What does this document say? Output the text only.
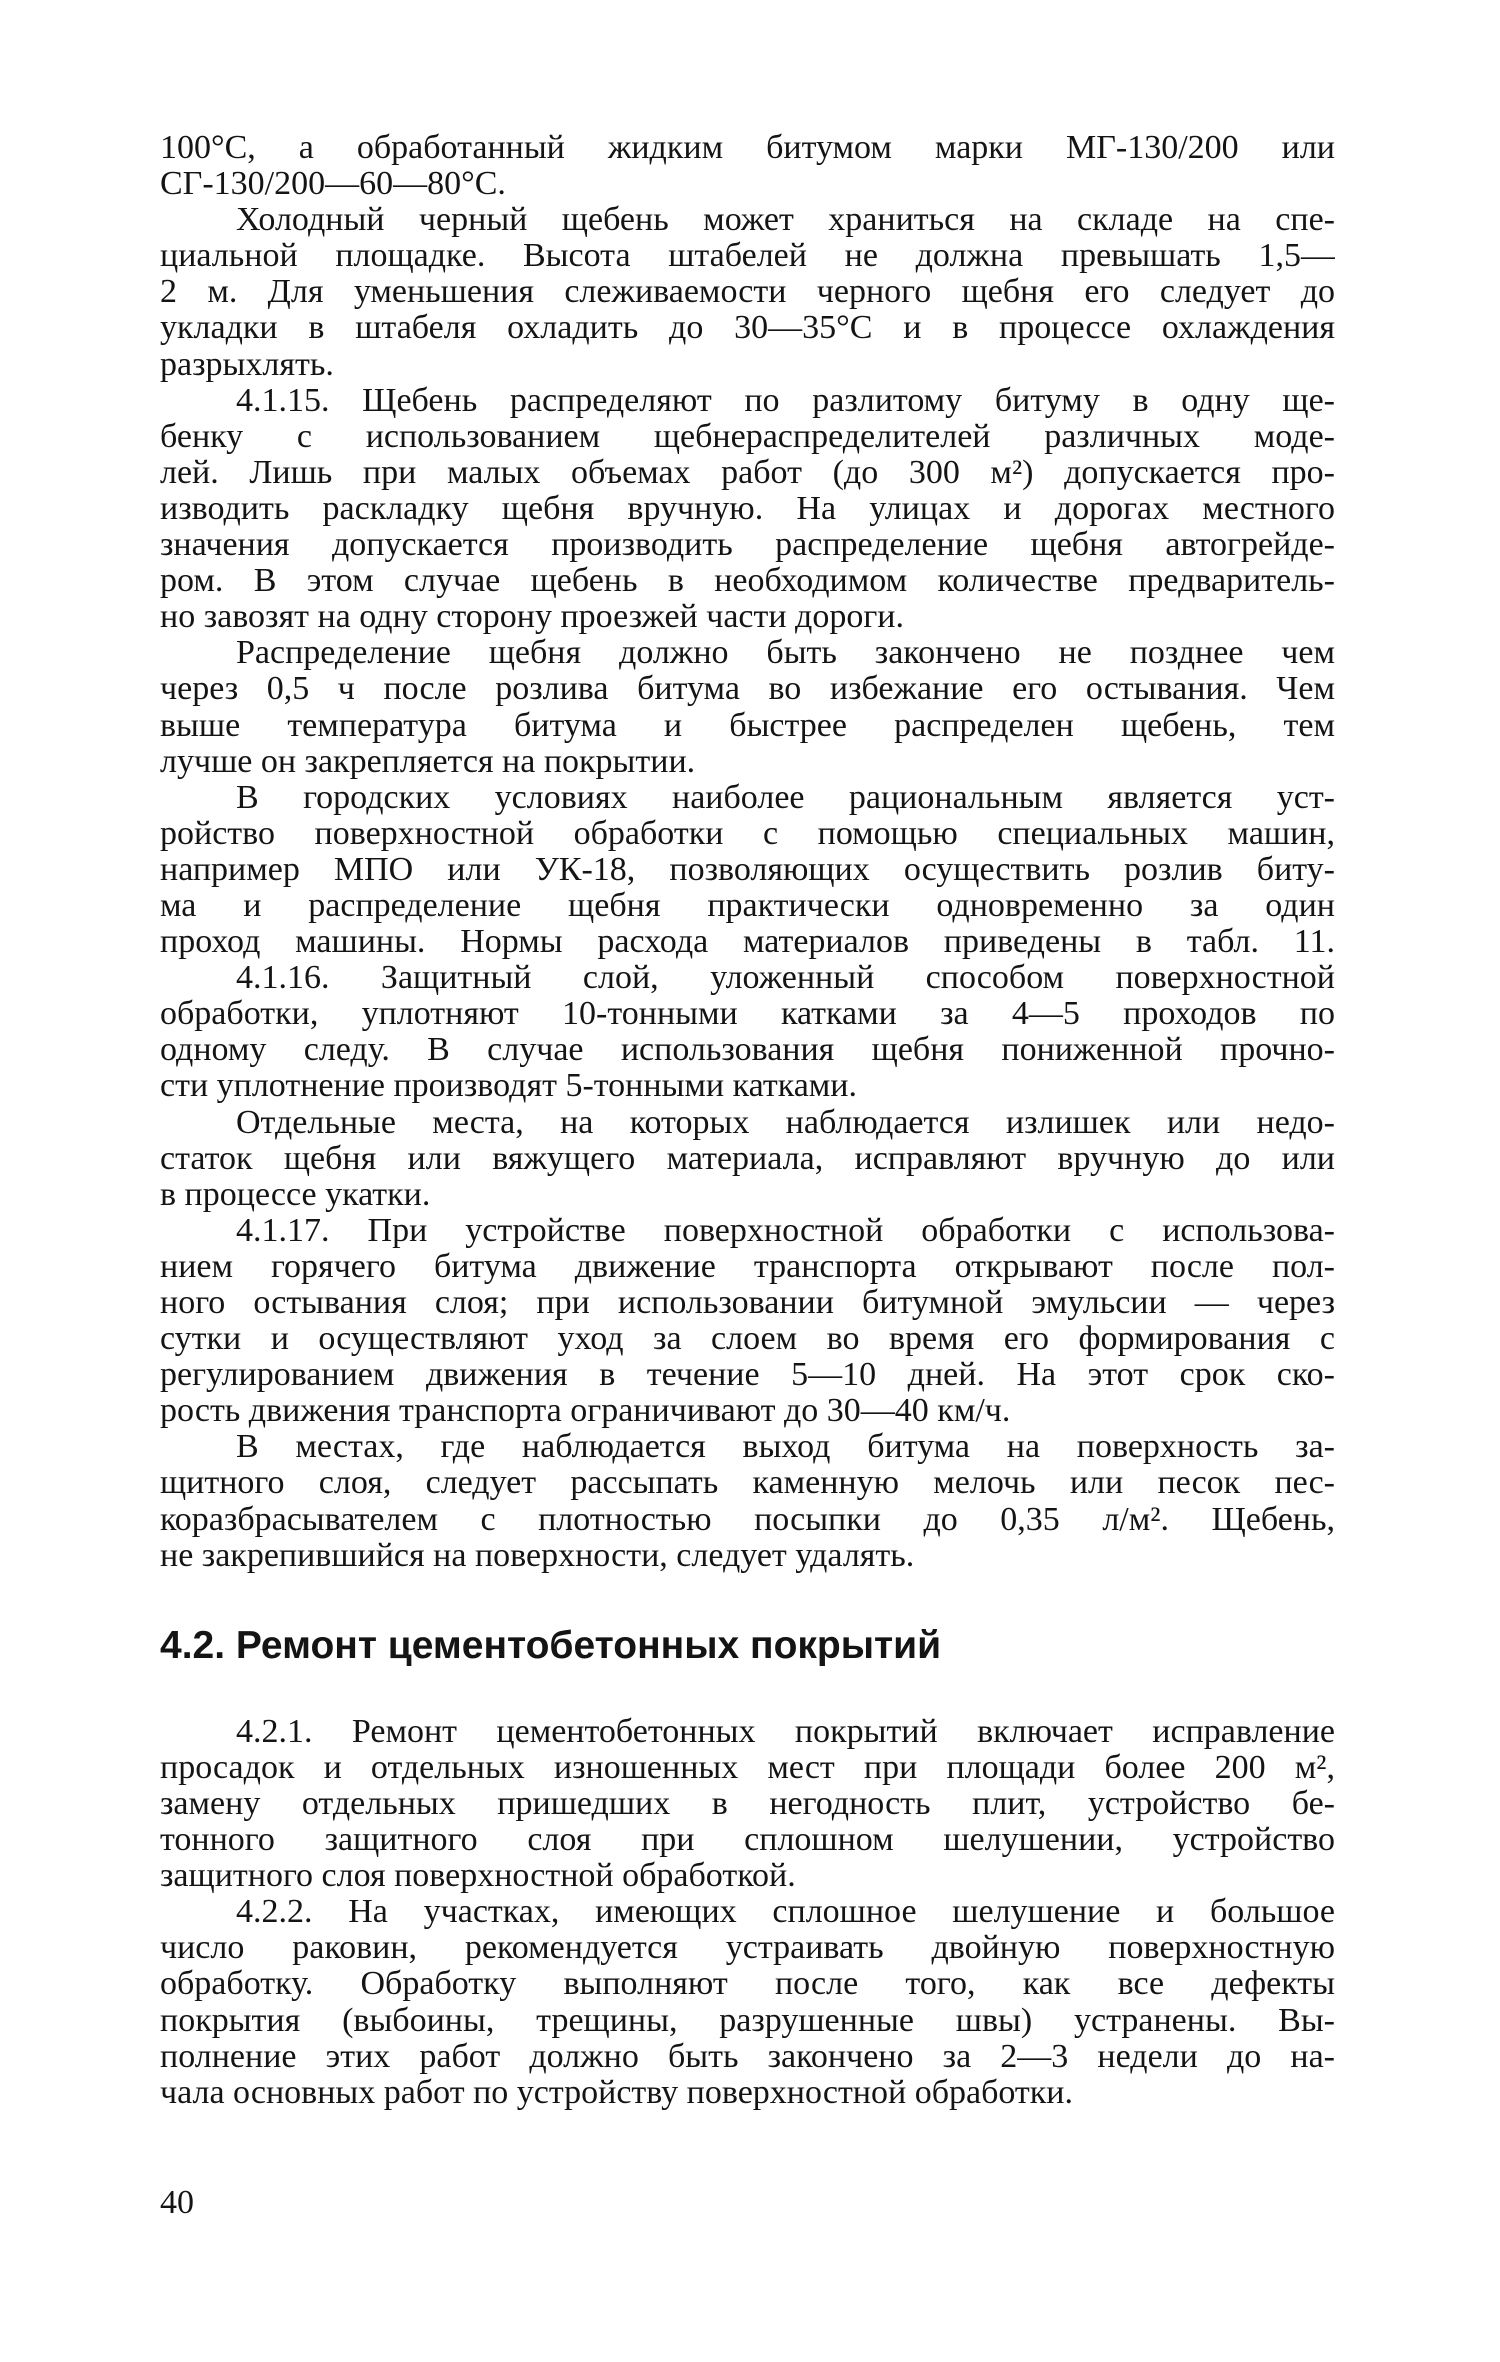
100°С, а обработанный жидким битумом марки МГ-130/200 или
СГ-130/200—60—80°С.
Холодный черный щебень может храниться на складе на спе-
циальной площадке. Высота штабелей не должна превышать 1,5—
2 м. Для уменьшения слеживаемости черного щебня его следует до
укладки в штабеля охладить до 30—35°С и в процессе охлаждения
разрыхлять.
4.1.15. Щебень распределяют по разлитому битуму в одну ще-
бенку с использованием щебнераспределителей различных моде-
лей. Лишь при малых объемах работ (до 300 м²) допускается про-
изводить раскладку щебня вручную. На улицах и дорогах местного
значения допускается производить распределение щебня автогрейде-
ром. В этом случае щебень в необходимом количестве предваритель-
но завозят на одну сторону проезжей части дороги.
Распределение щебня должно быть закончено не позднее чем
через 0,5 ч после розлива битума во избежание его остывания. Чем
выше температура битума и быстрее распределен щебень, тем
лучше он закрепляется на покрытии.
В городских условиях наиболее рациональным является уст-
ройство поверхностной обработки с помощью специальных машин,
например МПО или УК-18, позволяющих осуществить розлив биту-
ма и распределение щебня практически одновременно за один
проход машины. Нормы расхода материалов приведены в табл. 11.
4.1.16. Защитный слой, уложенный способом поверхностной
обработки, уплотняют 10-тонными катками за 4—5 проходов по
одному следу. В случае использования щебня пониженной прочно-
сти уплотнение производят 5-тонными катками.
Отдельные места, на которых наблюдается излишек или недо-
статок щебня или вяжущего материала, исправляют вручную до или
в процессе укатки.
4.1.17. При устройстве поверхностной обработки с использова-
нием горячего битума движение транспорта открывают после пол-
ного остывания слоя; при использовании битумной эмульсии — через
сутки и осуществляют уход за слоем во время его формирования с
регулированием движения в течение 5—10 дней. На этот срок ско-
рость движения транспорта ограничивают до 30—40 км/ч.
В местах, где наблюдается выход битума на поверхность за-
щитного слоя, следует рассыпать каменную мелочь или песок пес-
коразбрасывателем с плотностью посыпки до 0,35 л/м². Щебень,
не закрепившийся на поверхности, следует удалять.
4.2. Ремонт цементобетонных покрытий
4.2.1. Ремонт цементобетонных покрытий включает исправление
просадок и отдельных изношенных мест при площади более 200 м²,
замену отдельных пришедших в негодность плит, устройство бе-
тонного защитного слоя при сплошном шелушении, устройство
защитного слоя поверхностной обработкой.
4.2.2. На участках, имеющих сплошное шелушение и большое
число раковин, рекомендуется устраивать двойную поверхностную
обработку. Обработку выполняют после того, как все дефекты
покрытия (выбоины, трещины, разрушенные швы) устранены. Вы-
полнение этих работ должно быть закончено за 2—3 недели до на-
чала основных работ по устройству поверхностной обработки.
40
